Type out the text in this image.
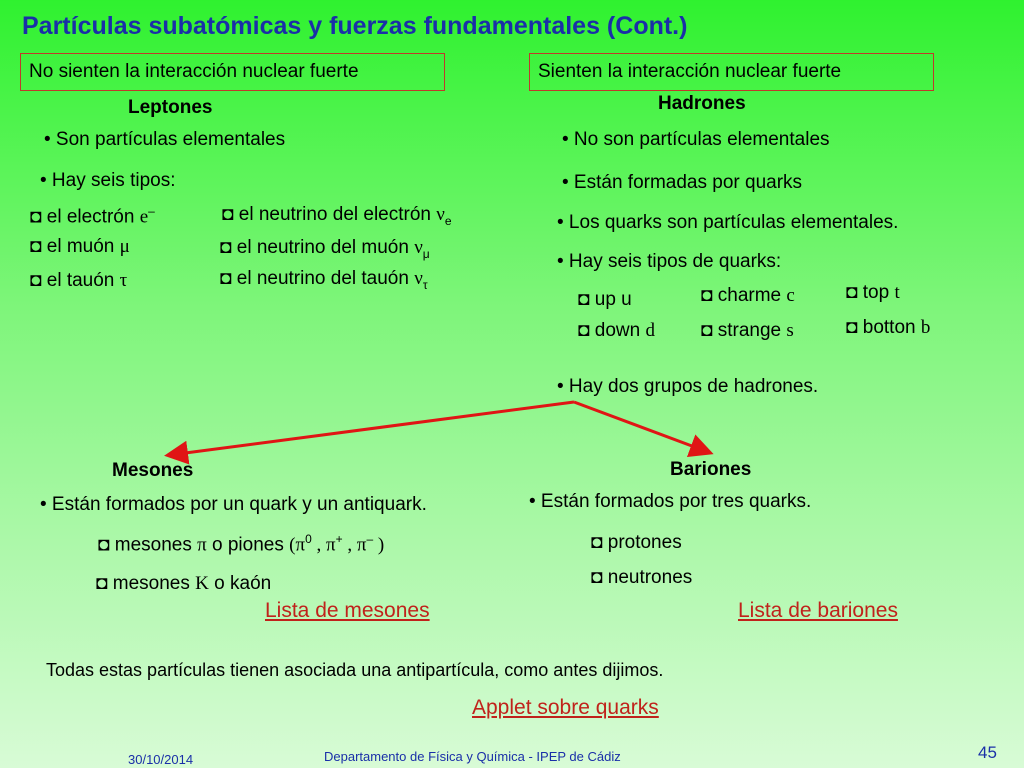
Partículas subatómicas y fuerzas fundamentales (Cont.)
No sienten la interacción nuclear fuerte	Sienten la interacción nuclear fuerte
Leptones
• Son partículas elementales
• Hay seis tipos:
◘ el electrón e–	◘ el neutrino del electrón $\nu_e$
◘ el muón μ	◘ el neutrino del muón $\nu_\mu$
◘ el tauón τ	◘ el neutrino del tauón $\nu_\tau$
Hadrones
• No son partículas elementales
• Están formadas por quarks
• Los quarks son partículas elementales.
• Hay seis tipos de quarks:
◘ up u	◘ charme c	◘ top t
◘ down d ◘ strange s	◘ botton b
• Hay dos grupos de hadrones.
Mesones
• Están formados por un quark y un antiquark.
◘ mesones π o piones ($\pi^0$ , π+ , π– )
◘ mesones K o kaón
Lista de mesones
Bariones
• Están formados por tres quarks.
◘ protones
◘ neutrones
Lista de bariones
Todas estas partículas tienen asociada una antipartícula, como antes dijimos.
Applet sobre quarks
30/10/2014	Departamento de Física y Química - IPEP de Cádiz	45
